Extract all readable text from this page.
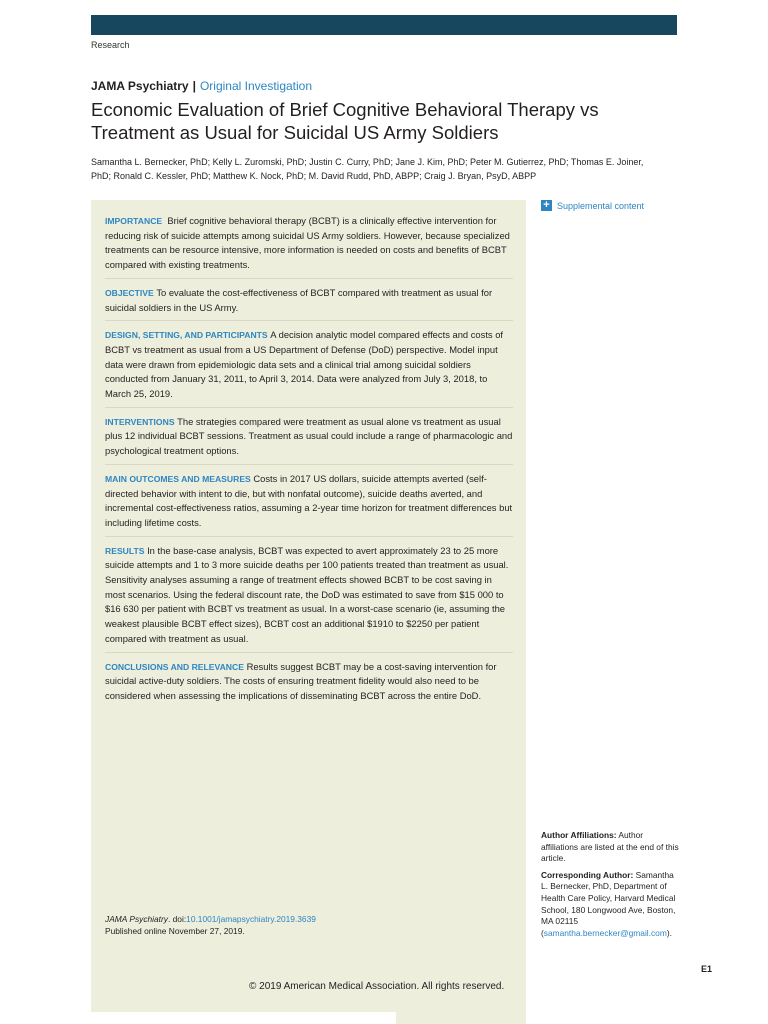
Research
JAMA Psychiatry | Original Investigation
Economic Evaluation of Brief Cognitive Behavioral Therapy vs Treatment as Usual for Suicidal US Army Soldiers
Samantha L. Bernecker, PhD; Kelly L. Zuromski, PhD; Justin C. Curry, PhD; Jane J. Kim, PhD; Peter M. Gutierrez, PhD; Thomas E. Joiner, PhD; Ronald C. Kessler, PhD; Matthew K. Nock, PhD; M. David Rudd, PhD, ABPP; Craig J. Bryan, PsyD, ABPP
IMPORTANCE Brief cognitive behavioral therapy (BCBT) is a clinically effective intervention for reducing risk of suicide attempts among suicidal US Army soldiers. However, because specialized treatments can be resource intensive, more information is needed on costs and benefits of BCBT compared with existing treatments.
OBJECTIVE To evaluate the cost-effectiveness of BCBT compared with treatment as usual for suicidal soldiers in the US Army.
DESIGN, SETTING, AND PARTICIPANTS A decision analytic model compared effects and costs of BCBT vs treatment as usual from a US Department of Defense (DoD) perspective. Model input data were drawn from epidemiologic data sets and a clinical trial among suicidal soldiers conducted from January 31, 2011, to April 3, 2014. Data were analyzed from July 3, 2018, to March 25, 2019.
INTERVENTIONS The strategies compared were treatment as usual alone vs treatment as usual plus 12 individual BCBT sessions. Treatment as usual could include a range of pharmacologic and psychological treatment options.
MAIN OUTCOMES AND MEASURES Costs in 2017 US dollars, suicide attempts averted (self-directed behavior with intent to die, but with nonfatal outcome), suicide deaths averted, and incremental cost-effectiveness ratios, assuming a 2-year time horizon for treatment differences but including lifetime costs.
RESULTS In the base-case analysis, BCBT was expected to avert approximately 23 to 25 more suicide attempts and 1 to 3 more suicide deaths per 100 patients treated than treatment as usual. Sensitivity analyses assuming a range of treatment effects showed BCBT to be cost saving in most scenarios. Using the federal discount rate, the DoD was estimated to save from $15 000 to $16 630 per patient with BCBT vs treatment as usual. In a worst-case scenario (ie, assuming the weakest plausible BCBT effect sizes), BCBT cost an additional $1910 to $2250 per patient compared with treatment as usual.
CONCLUSIONS AND RELEVANCE Results suggest BCBT may be a cost-saving intervention for suicidal active-duty soldiers. The costs of ensuring treatment fidelity would also need to be considered when assessing the implications of disseminating BCBT across the entire DoD.
JAMA Psychiatry. doi:10.1001/jamapsychiatry.2019.3639
Published online November 27, 2019.
+ Supplemental content

Author Affiliations: Author affiliations are listed at the end of this article.

Corresponding Author: Samantha L. Bernecker, PhD, Department of Health Care Policy, Harvard Medical School, 180 Longwood Ave, Boston, MA 02115 (samantha.bernecker@gmail.com).

E1
© 2019 American Medical Association. All rights reserved.
